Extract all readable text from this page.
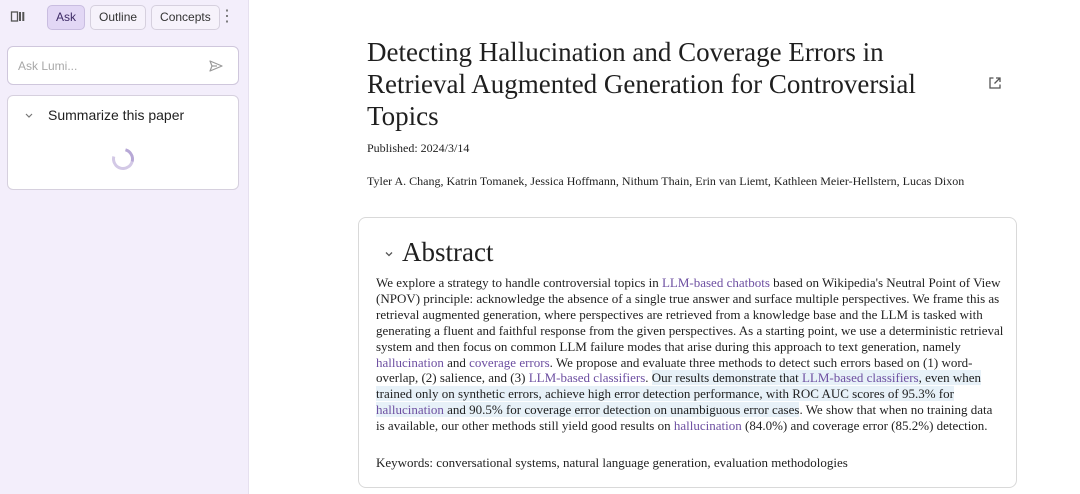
Ask	Outline	Concepts ⋮
Ask Lumi...
Summarize this paper
Detecting Hallucination and Coverage Errors in Retrieval Augmented Generation for Controversial Topics
Published: 2024/3/14
Tyler A. Chang, Katrin Tomanek, Jessica Hoffmann, Nithum Thain, Erin van Liemt, Kathleen Meier-Hellstern, Lucas Dixon
Abstract
We explore a strategy to handle controversial topics in LLM-based chatbots based on Wikipedia's Neutral Point of View (NPOV) principle: acknowledge the absence of a single true answer and surface multiple perspectives. We frame this as retrieval augmented generation, where perspectives are retrieved from a knowledge base and the LLM is tasked with generating a fluent and faithful response from the given perspectives. As a starting point, we use a deterministic retrieval system and then focus on common LLM failure modes that arise during this approach to text generation, namely hallucination and coverage errors. We propose and evaluate three methods to detect such errors based on (1) word-overlap, (2) salience, and (3) LLM-based classifiers. Our results demonstrate that LLM-based classifiers, even when trained only on synthetic errors, achieve high error detection performance, with ROC AUC scores of 95.3% for hallucination and 90.5% for coverage error detection on unambiguous error cases. We show that when no training data is available, our other methods still yield good results on hallucination (84.0%) and coverage error (85.2%) detection.
Keywords: conversational systems, natural language generation, evaluation methodologies
